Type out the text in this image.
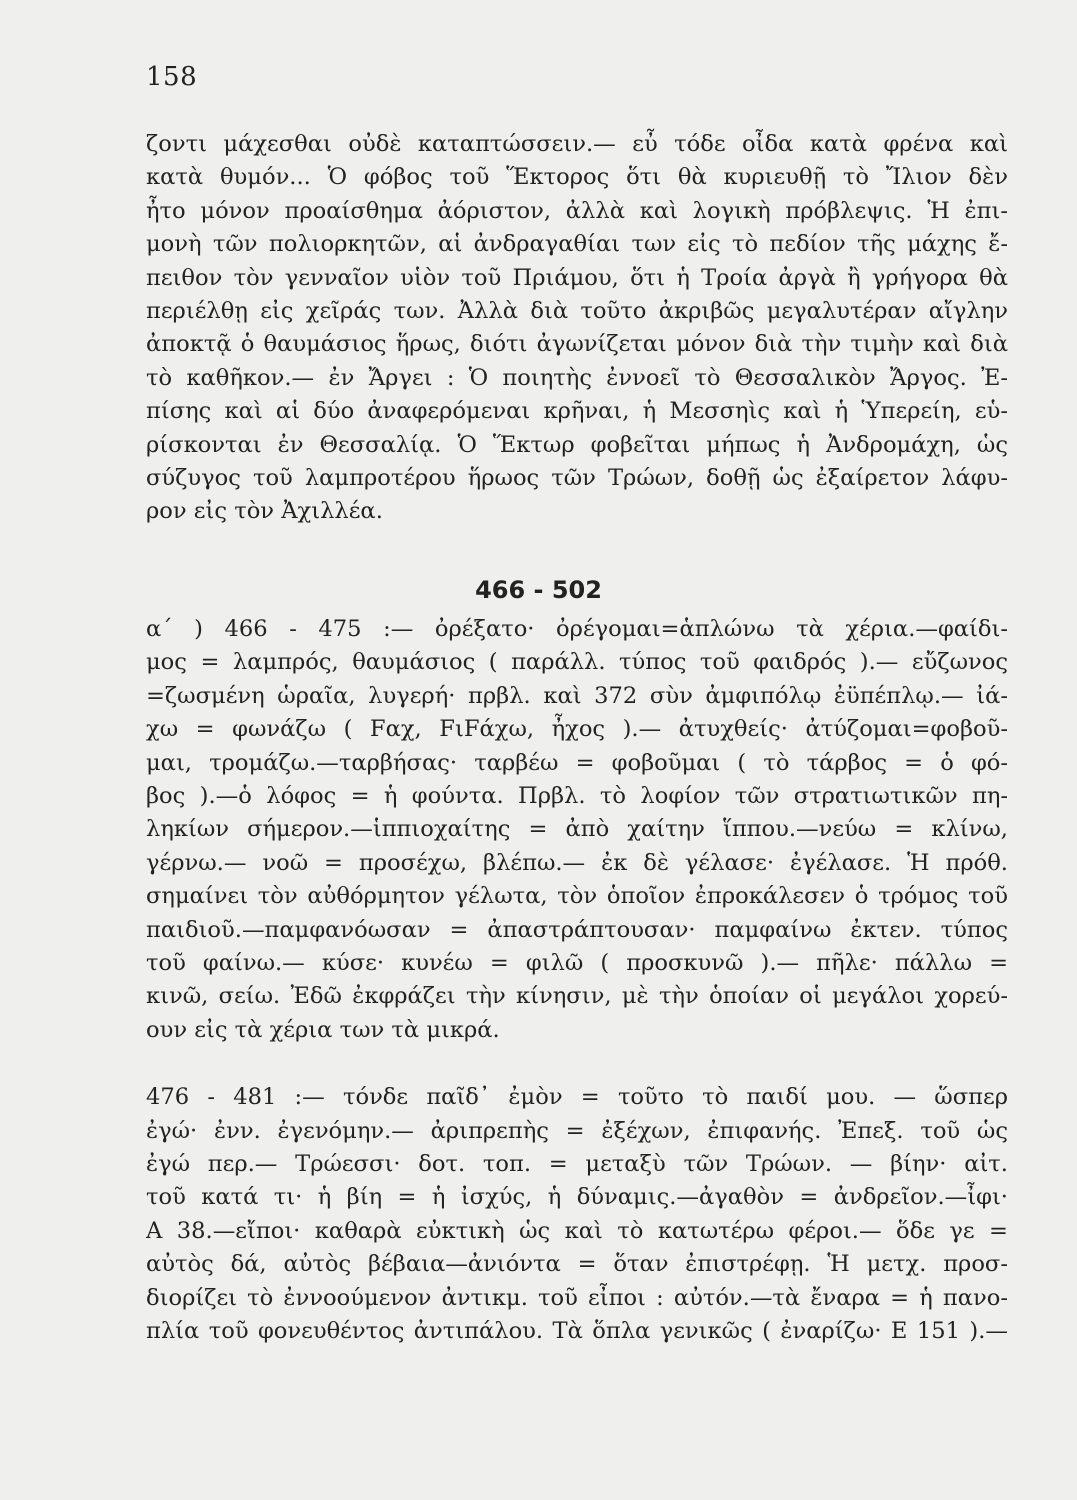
158
ζοντι μάχεσθαι οὐδὲ καταπτώσσειν.— εὖ τόδε οἶδα κατὰ φρένα καὶ
κατὰ θυμόν... Ὁ φόβος τοῦ Ἕκτορος ὅτι θὰ κυριευθῇ τὸ Ἴλιον δὲν
ἦτο μόνον προαίσθημα ἀόριστον, ἀλλὰ καὶ λογικὴ πρόβλεψις. Ἡ ἐπι-
μονὴ τῶν πολιορκητῶν, αἱ ἀνδραγαθίαι των εἰς τὸ πεδίον τῆς μάχης ἔ-
πειθον τὸν γενναῖον υἱὸν τοῦ Πριάμου, ὅτι ἡ Τροία ἀργὰ ἢ γρήγορα θὰ
περιέλθῃ εἰς χεῖράς των. Ἀλλὰ διὰ τοῦτο ἀκριβῶς μεγαλυτέραν αἴγλην
ἀποκτᾷ ὁ θαυμάσιος ἥρως, διότι ἀγωνίζεται μόνον διὰ τὴν τιμὴν καὶ διὰ
τὸ καθῆκον.— ἐν Ἄργει : Ὁ ποιητὴς ἐννοεῖ τὸ Θεσσαλικὸν Ἄργος. Ἐ-
πίσης καὶ αἱ δύο ἀναφερόμεναι κρῆναι, ἡ Μεσσηὶς καὶ ἡ Ὑπερείη, εὑ-
ρίσκονται ἐν Θεσσαλίᾳ. Ὁ Ἕκτωρ φοβεῖται μήπως ἡ Ἀνδρομάχη, ὡς
σύζυγος τοῦ λαμπροτέρου ἥρωος τῶν Τρώων, δοθῇ ὡς ἐξαίρετον λάφυ-
ρον εἰς τὸν Ἀχιλλέα.
α΄ ) 466 - 475 :— ὀρέξατο· ὀρέγομαι=ἁπλώνω τὰ χέρια.—φαίδι-
μος = λαμπρός, θαυμάσιος ( παράλλ. τύπος τοῦ φαιδρός ).— εὔζωνος
=ζωσμένη ὡραῖα, λυγερή· πρβλ. καὶ 372 σὺν ἀμφιπόλῳ ἐϋπέπλῳ.— ἰά-
χω = φωνάζω ( Fαχ, FιFάχω, ἦχος ).— ἀτυχθείς· ἀτύζομαι=φοβοῦ-
μαι, τρομάζω.—ταρβήσας· ταρβέω = φοβοῦμαι ( τὸ τάρβος = ὁ φό-
βος ).—ὁ λόφος = ἡ φούντα. Πρβλ. τὸ λοφίον τῶν στρατιωτικῶν πη-
ληκίων σήμερον.—ἱππιοχαίτης = ἀπὸ χαίτην ἵππου.—νεύω = κλίνω,
γέρνω.— νοῶ = προσέχω, βλέπω.— ἐκ δὲ γέλασε· ἐγέλασε. Ἡ πρόθ.
σημαίνει τὸν αὐθόρμητον γέλωτα, τὸν ὁποῖον ἐπροκάλεσεν ὁ τρόμος τοῦ
παιδιοῦ.—παμφανόωσαν = ἀπαστράπτουσαν· παμφαίνω ἐκτεν. τύπος
τοῦ φαίνω.— κύσε· κυνέω = φιλῶ ( προσκυνῶ ).— πῆλε· πάλλω =
κινῶ, σείω. Ἐδῶ ἐκφράζει τὴν κίνησιν, μὲ τὴν ὁποίαν οἱ μεγάλοι χορεύ-
ουν εἰς τὰ χέρια των τὰ μικρά.
476 - 481 :— τόνδε παῖδ᾽ ἐμὸν = τοῦτο τὸ παιδί μου. — ὥσπερ
ἐγώ· ἐνν. ἐγενόμην.— ἀριπρεπὴς = ἐξέχων, ἐπιφανής. Ἐπεξ. τοῦ ὡς
ἐγώ περ.— Τρώεσσι· δοτ. τοπ. = μεταξὺ τῶν Τρώων. — βίην· αἰτ.
τοῦ κατά τι· ἡ βίη = ἡ ἰσχύς, ἡ δύναμις.—ἀγαθὸν = ἀνδρεῖον.—ἶφι·
Α 38.—εἴποι· καθαρὰ εὐκτικὴ ὡς καὶ τὸ κατωτέρω φέροι.— ὅδε γε =
αὐτὸς δά, αὐτὸς βέβαια—ἀνιόντα = ὅταν ἐπιστρέφῃ. Ἡ μετχ. προσ-
διορίζει τὸ ἐννοούμενον ἀντικμ. τοῦ εἶποι : αὐτόν.—τὰ ἔναρα = ἡ πανο-
πλία τοῦ φονευθέντος ἀντιπάλου. Τὰ ὅπλα γενικῶς ( ἐναρίζω· Ε 151 ).—
466 - 502
